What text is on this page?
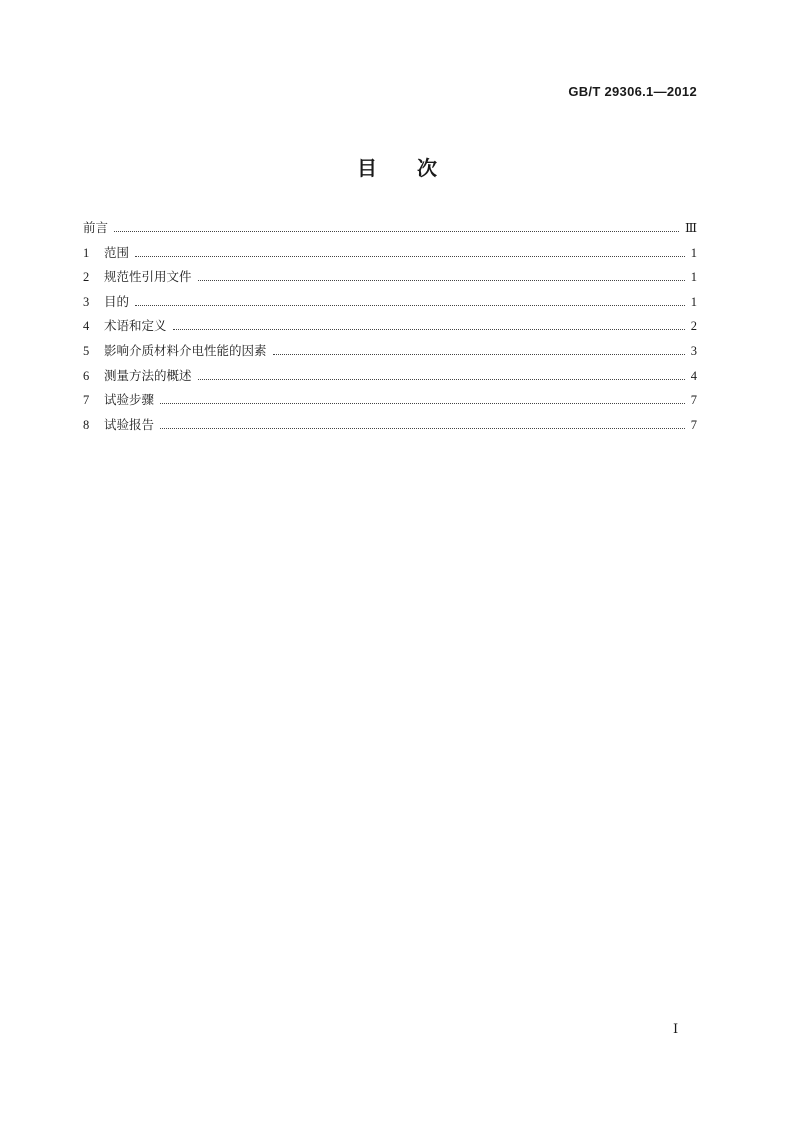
GB/T 29306.1—2012
目 次
前言	Ⅲ
1	范围	1
2	规范性引用文件	1
3	目的	1
4	术语和定义	2
5	影响介质材料介电性能的因素	3
6	测量方法的概述	4
7	试验步骤	7
8	试验报告	7
Ⅰ
